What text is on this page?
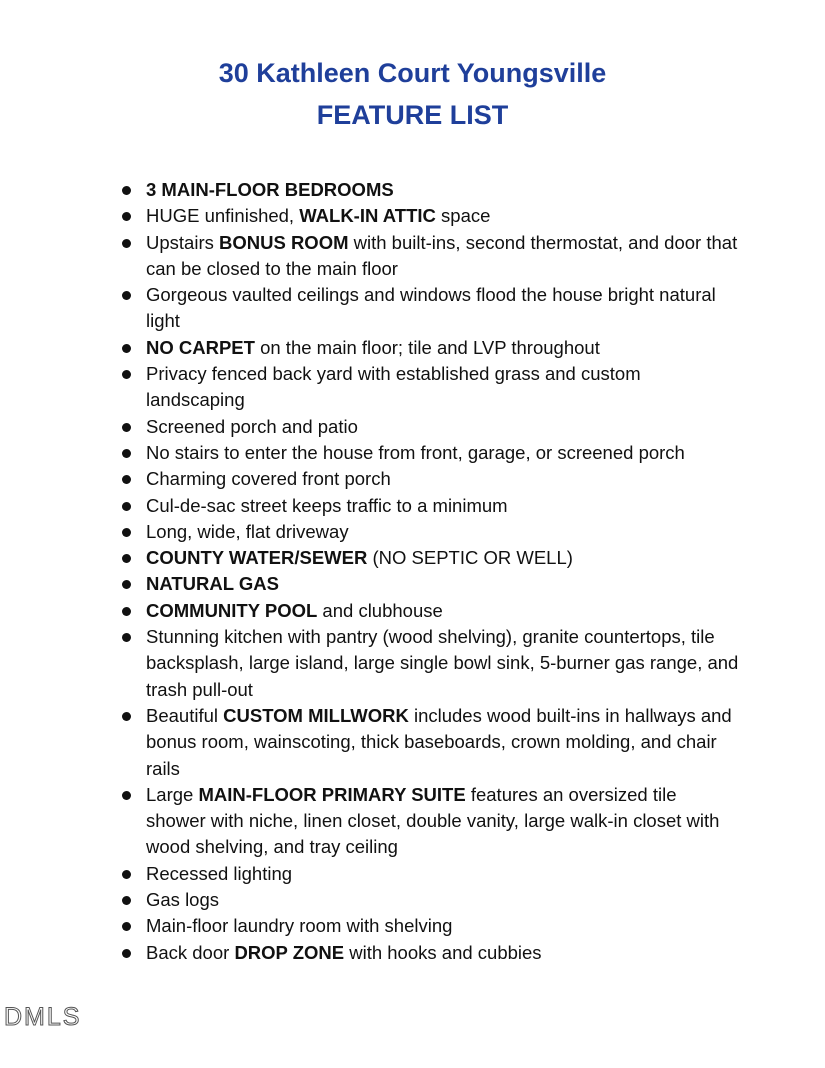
30 Kathleen Court Youngsville
FEATURE LIST
3 MAIN-FLOOR BEDROOMS
HUGE unfinished, WALK-IN ATTIC space
Upstairs BONUS ROOM with built-ins, second thermostat, and door that can be closed to the main floor
Gorgeous vaulted ceilings and windows flood the house bright natural light
NO CARPET on the main floor; tile and LVP throughout
Privacy fenced back yard with established grass and custom landscaping
Screened porch and patio
No stairs to enter the house from front, garage, or screened porch
Charming covered front porch
Cul-de-sac street keeps traffic to a minimum
Long, wide, flat driveway
COUNTY WATER/SEWER (NO SEPTIC OR WELL)
NATURAL GAS
COMMUNITY POOL and clubhouse
Stunning kitchen with pantry (wood shelving), granite countertops, tile backsplash, large island, large single bowl sink, 5-burner gas range, and trash pull-out
Beautiful CUSTOM MILLWORK includes wood built-ins in hallways and bonus room, wainscoting, thick baseboards, crown molding, and chair rails
Large MAIN-FLOOR PRIMARY SUITE features an oversized tile shower with niche, linen closet, double vanity, large walk-in closet with wood shelving, and tray ceiling
Recessed lighting
Gas logs
Main-floor laundry room with shelving
Back door DROP ZONE with hooks and cubbies
DMLS
